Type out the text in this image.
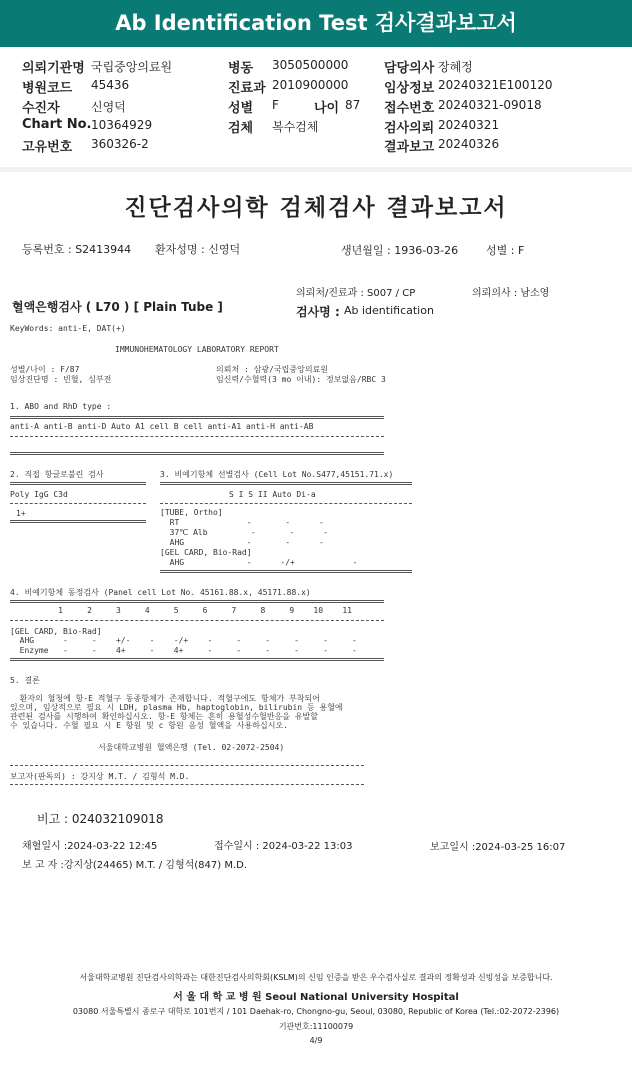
Ab Identification Test 검사결과보고서
의뢰기관명 국립중앙의료원
병원코드 45436
수진자	신영덕
Chart No. 10364929
고유번호 360326-2
병동 3050500000
진료과 2010900000
성별 F	나이 87
검체 복수검체
담당의사 장혜정
임상정보 20240321E100120
접수번호 20240321-09018
검사의뢰 20240321
결과보고 20240326
진단검사의학 검체검사 결과보고서
등록번호 : S2413944 환자성명 : 신영덕	생년월일 : 1936-03-26	성별 : F
의뢰처/진료과 : S007 / CP	의뢰의사 : 남소영
혈액은행검사 ( L70 ) [ Plain Tube ]	검사명 : Ab identification
KeyWords: anti-E, DAT(+)
IMMUNOHEMATOLOGY LABORATORY REPORT
성별/나이 : F/87	의뢰처 : 삼광/국립중앙의료원
임상진단명 : 빈혈, 심부전	임신력/수혈력(3 mo 이내): 정보없음/RBC 3
1. ABO and RhD type :
anti-A anti-B anti-D Auto A1 cell B cell anti-A1 anti-H anti-AB
2. 직접 항글로불린 검사	3. 비예기항체 선별검사 (Cell Lot No.S477,45151.71.x)
Poly IgG C3d	S I S II Auto Di-a
1+	[TUBE, Ortho]
RT              -       -      -
37℃ Alb         -       -      -
AHG             -       -      -
[GEL CARD, Bio-Rad]
AHG             -      -/+            -
4. 비예기항체 동정검사 (Panel cell Lot No. 45161.88.x, 45171.88.x)
1     2     3     4     5     6     7     8     9    10    11
[GEL CARD, Bio-Rad]
AHG      -     -    +/-    -    -/+    -     -     -     -     -     -
Enzyme   -     -    4+     -    4+     -     -     -     -     -     -
5. 결론
환자의 혈청에 항-E 적혈구 동종항체가 존재합니다. 적혈구에도 항체가 부착되어
있으며, 임상적으로 필요 시 LDH, plasma Hb, haptoglobin, bilirubin 등 용혈에
관련된 검사를 시행하여 확인하십시오. 항-E 항체는 흔히 용혈성수혈반응을 유발할
수 있습니다. 수혈 필요 시 E 항원 및 c 항원 음성 혈액을 사용하십시오.
서울대학교병원 혈액은행 (Tel. 02-2072-2504)
보고자(판독의) : 강지상 M.T. / 김형석 M.D.
비고 : 024032109018
채혈일시 :2024-03-22 12:45	접수일시 : 2024-03-22 13:03	보고일시 :2024-03-25 16:07
보 고 자 :강지상(24465) M.T. / 김형석(847) M.D.
서울대학교병원 진단검사의학과는 대한진단검사의학회(KSLM)의 신임 인증을 받은 우수검사실로 결과의 정확성과 신빙성을 보증합니다.
서 울 대 학 교 병 원 Seoul National University Hospital
03080 서울특별시 종로구 대학로 101번지 / 101 Daehak-ro, Chongno-gu, Seoul, 03080, Republic of Korea (Tel.:02-2072-2396)
기관번호:11100079
4/9
